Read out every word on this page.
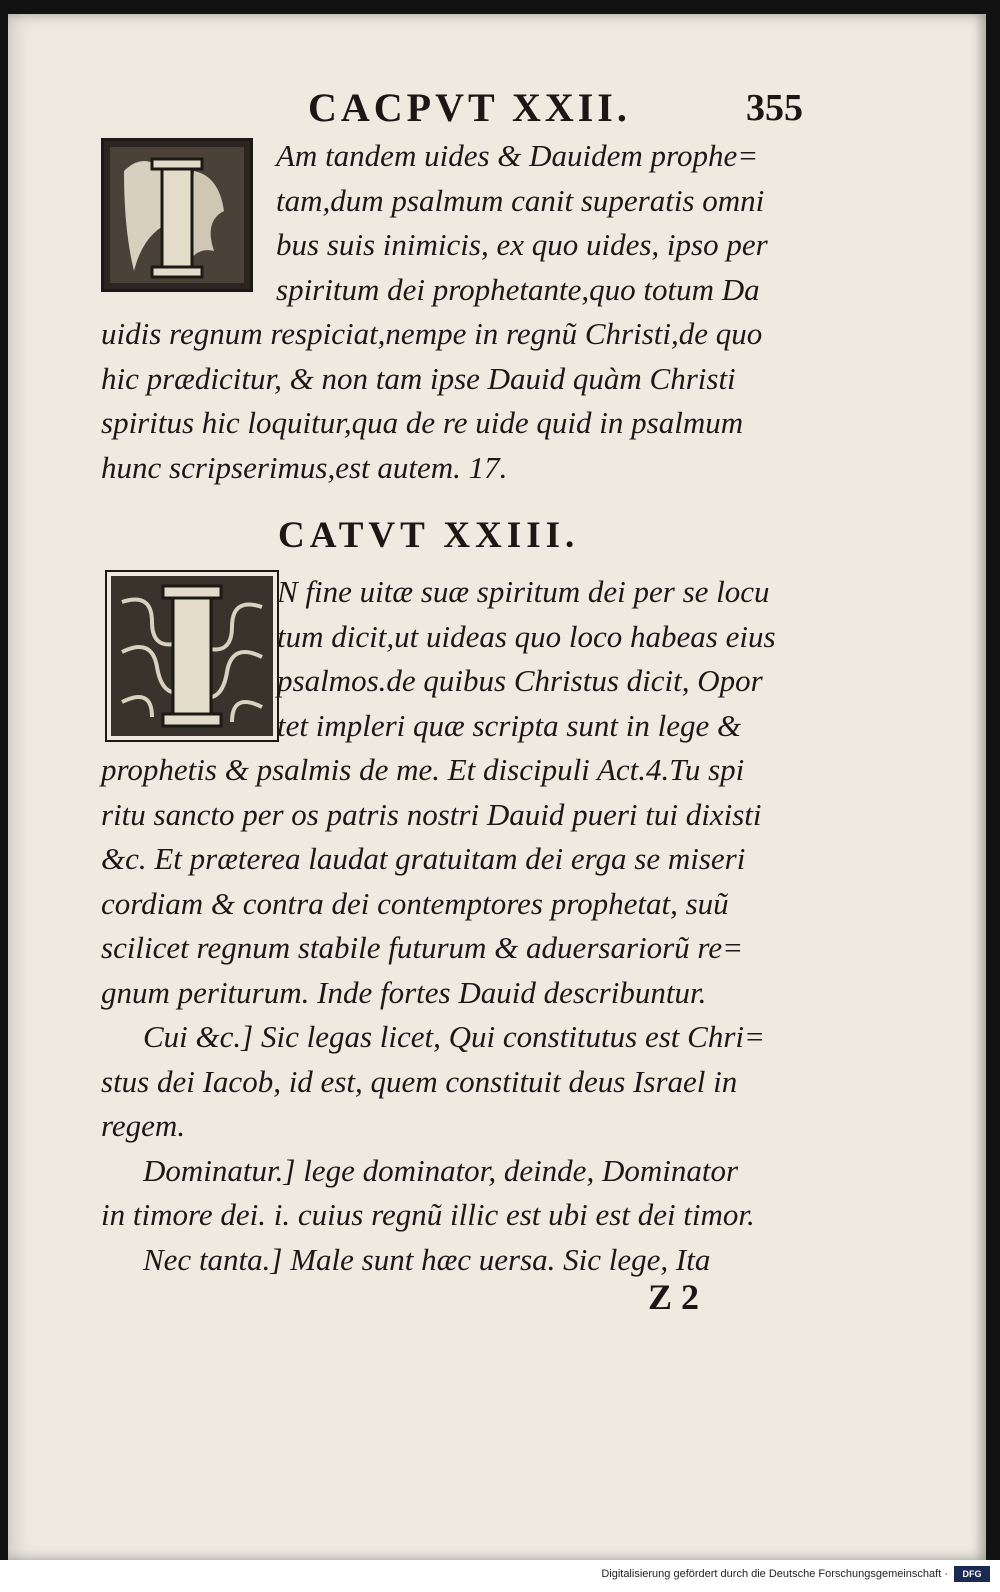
CACPVT XXII.	355
Am tandem uides & Dauidem prophe=
tam,dum psalmum canit superatis omni
bus suis inimicis, ex quo uides, ipso per
spiritum dei prophetante,quo totum Da
uidis regnum respiciat,nempe in regnũ Christi,de quo
hic prædicitur, & non tam ipse Dauid quàm Christi
spiritus hic loquitur,qua de re uide quid in psalmum
hunc scripserimus,est autem. 17.
CATVT XXIII.
N fine uitæ suæ spiritum dei per se locu
tum dicit,ut uideas quo loco habeas eius
psalmos.de quibus Christus dicit, Opor
tet impleri quæ scripta sunt in lege &
prophetis & psalmis de me. Et discipuli Act.4.Tu spi
ritu sancto per os patris nostri Dauid pueri tui dixisti
&c. Et præterea laudat gratuitam dei erga se miseri
cordiam & contra dei contemptores prophetat, suũ
scilicet regnum stabile futurum & aduersariorũ re=
gnum periturum. Inde fortes Dauid describuntur.
Cui &c.] Sic legas licet, Qui constitutus est Chri=
stus dei Iacob, id est, quem constituit deus Israel in
regem.
Dominatur.] lege dominator, deinde, Dominator
in timore dei. i. cuius regnũ illic est ubi est dei timor.
Nec tanta.] Male sunt hæc uersa. Sic lege, Ita
Z 2
Digitalisierung gefördert durch die Deutsche Forschungsgemeinschaft ·	DFG
